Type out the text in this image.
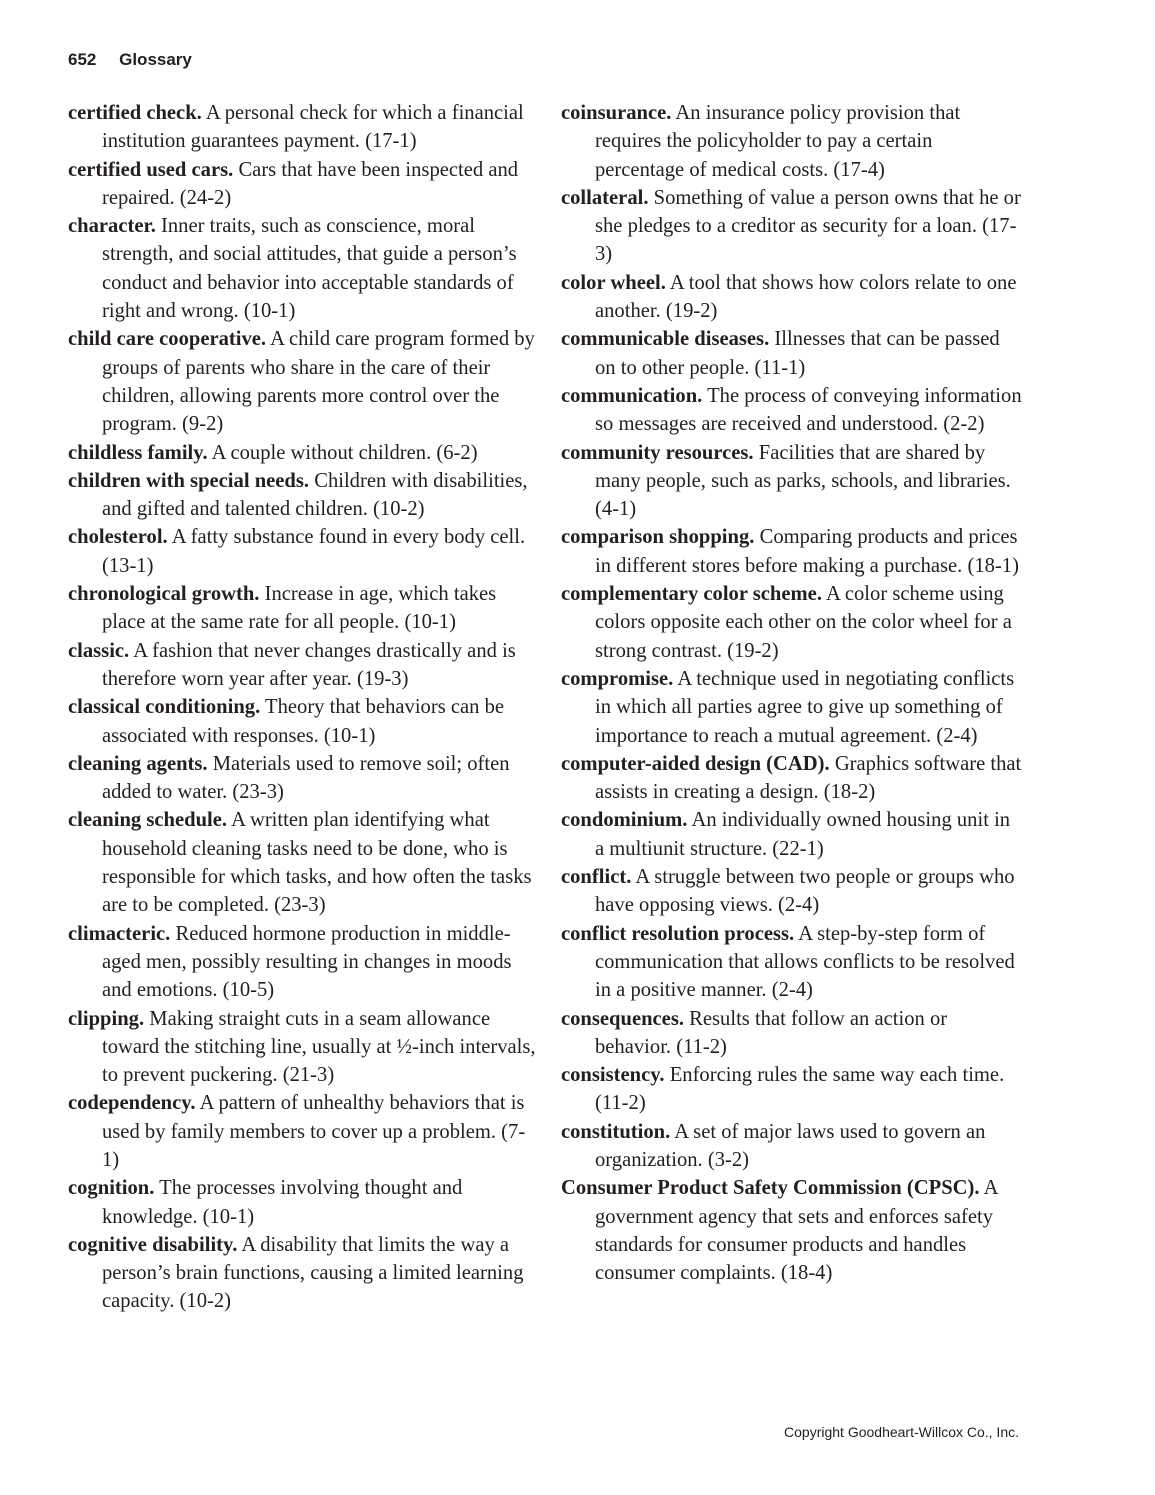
652 Glossary

certified check. A personal check for which a financial institution guarantees payment. (17-1)

certified used cars. Cars that have been inspected and repaired. (24-2)

character. Inner traits, such as conscience, moral strength, and social attitudes, that guide a person’s conduct and behavior into acceptable standards of right and wrong. (10-1)

child care cooperative. A child care program formed by groups of parents who share in the care of their children, allowing parents more control over the program. (9-2)

childless family. A couple without children. (6-2)

children with special needs. Children with disabilities, and gifted and talented children. (10-2)

cholesterol. A fatty substance found in every body cell. (13-1)

chronological growth. Increase in age, which takes place at the same rate for all people. (10-1)

classic. A fashion that never changes drastically and is therefore worn year after year. (19-3)

classical conditioning. Theory that behaviors can be associated with responses. (10-1)

cleaning agents. Materials used to remove soil; often added to water. (23-3)

cleaning schedule. A written plan identifying what household cleaning tasks need to be done, who is responsible for which tasks, and how often the tasks are to be completed. (23-3)

climacteric. Reduced hormone production in middle-aged men, possibly resulting in changes in moods and emotions. (10-5)

clipping. Making straight cuts in a seam allowance toward the stitching line, usually at ½-inch intervals, to prevent puckering. (21-3)

codependency. A pattern of unhealthy behaviors that is used by family members to cover up a problem. (7-1)

cognition. The processes involving thought and knowledge. (10-1)

cognitive disability. A disability that limits the way a person’s brain functions, causing a limited learning capacity. (10-2)

coinsurance. An insurance policy provision that requires the policyholder to pay a certain percentage of medical costs. (17-4)

collateral. Something of value a person owns that he or she pledges to a creditor as security for a loan. (17-3)

color wheel. A tool that shows how colors relate to one another. (19-2)

communicable diseases. Illnesses that can be passed on to other people. (11-1)

communication. The process of conveying information so messages are received and understood. (2-2)

community resources. Facilities that are shared by many people, such as parks, schools, and libraries. (4-1)

comparison shopping. Comparing products and prices in different stores before making a purchase. (18-1)

complementary color scheme. A color scheme using colors opposite each other on the color wheel for a strong contrast. (19-2)

compromise. A technique used in negotiating conflicts in which all parties agree to give up something of importance to reach a mutual agreement. (2-4)

computer-aided design (CAD). Graphics software that assists in creating a design. (18-2)

condominium. An individually owned housing unit in a multiunit structure. (22-1)

conflict. A struggle between two people or groups who have opposing views. (2-4)

conflict resolution process. A step-by-step form of communication that allows conflicts to be resolved in a positive manner. (2-4)

consequences. Results that follow an action or behavior. (11-2)

consistency. Enforcing rules the same way each time. (11-2)

constitution. A set of major laws used to govern an organization. (3-2)

Consumer Product Safety Commission (CPSC). A government agency that sets and enforces safety standards for consumer products and handles consumer complaints. (18-4)

Copyright Goodheart-Willcox Co., Inc.
